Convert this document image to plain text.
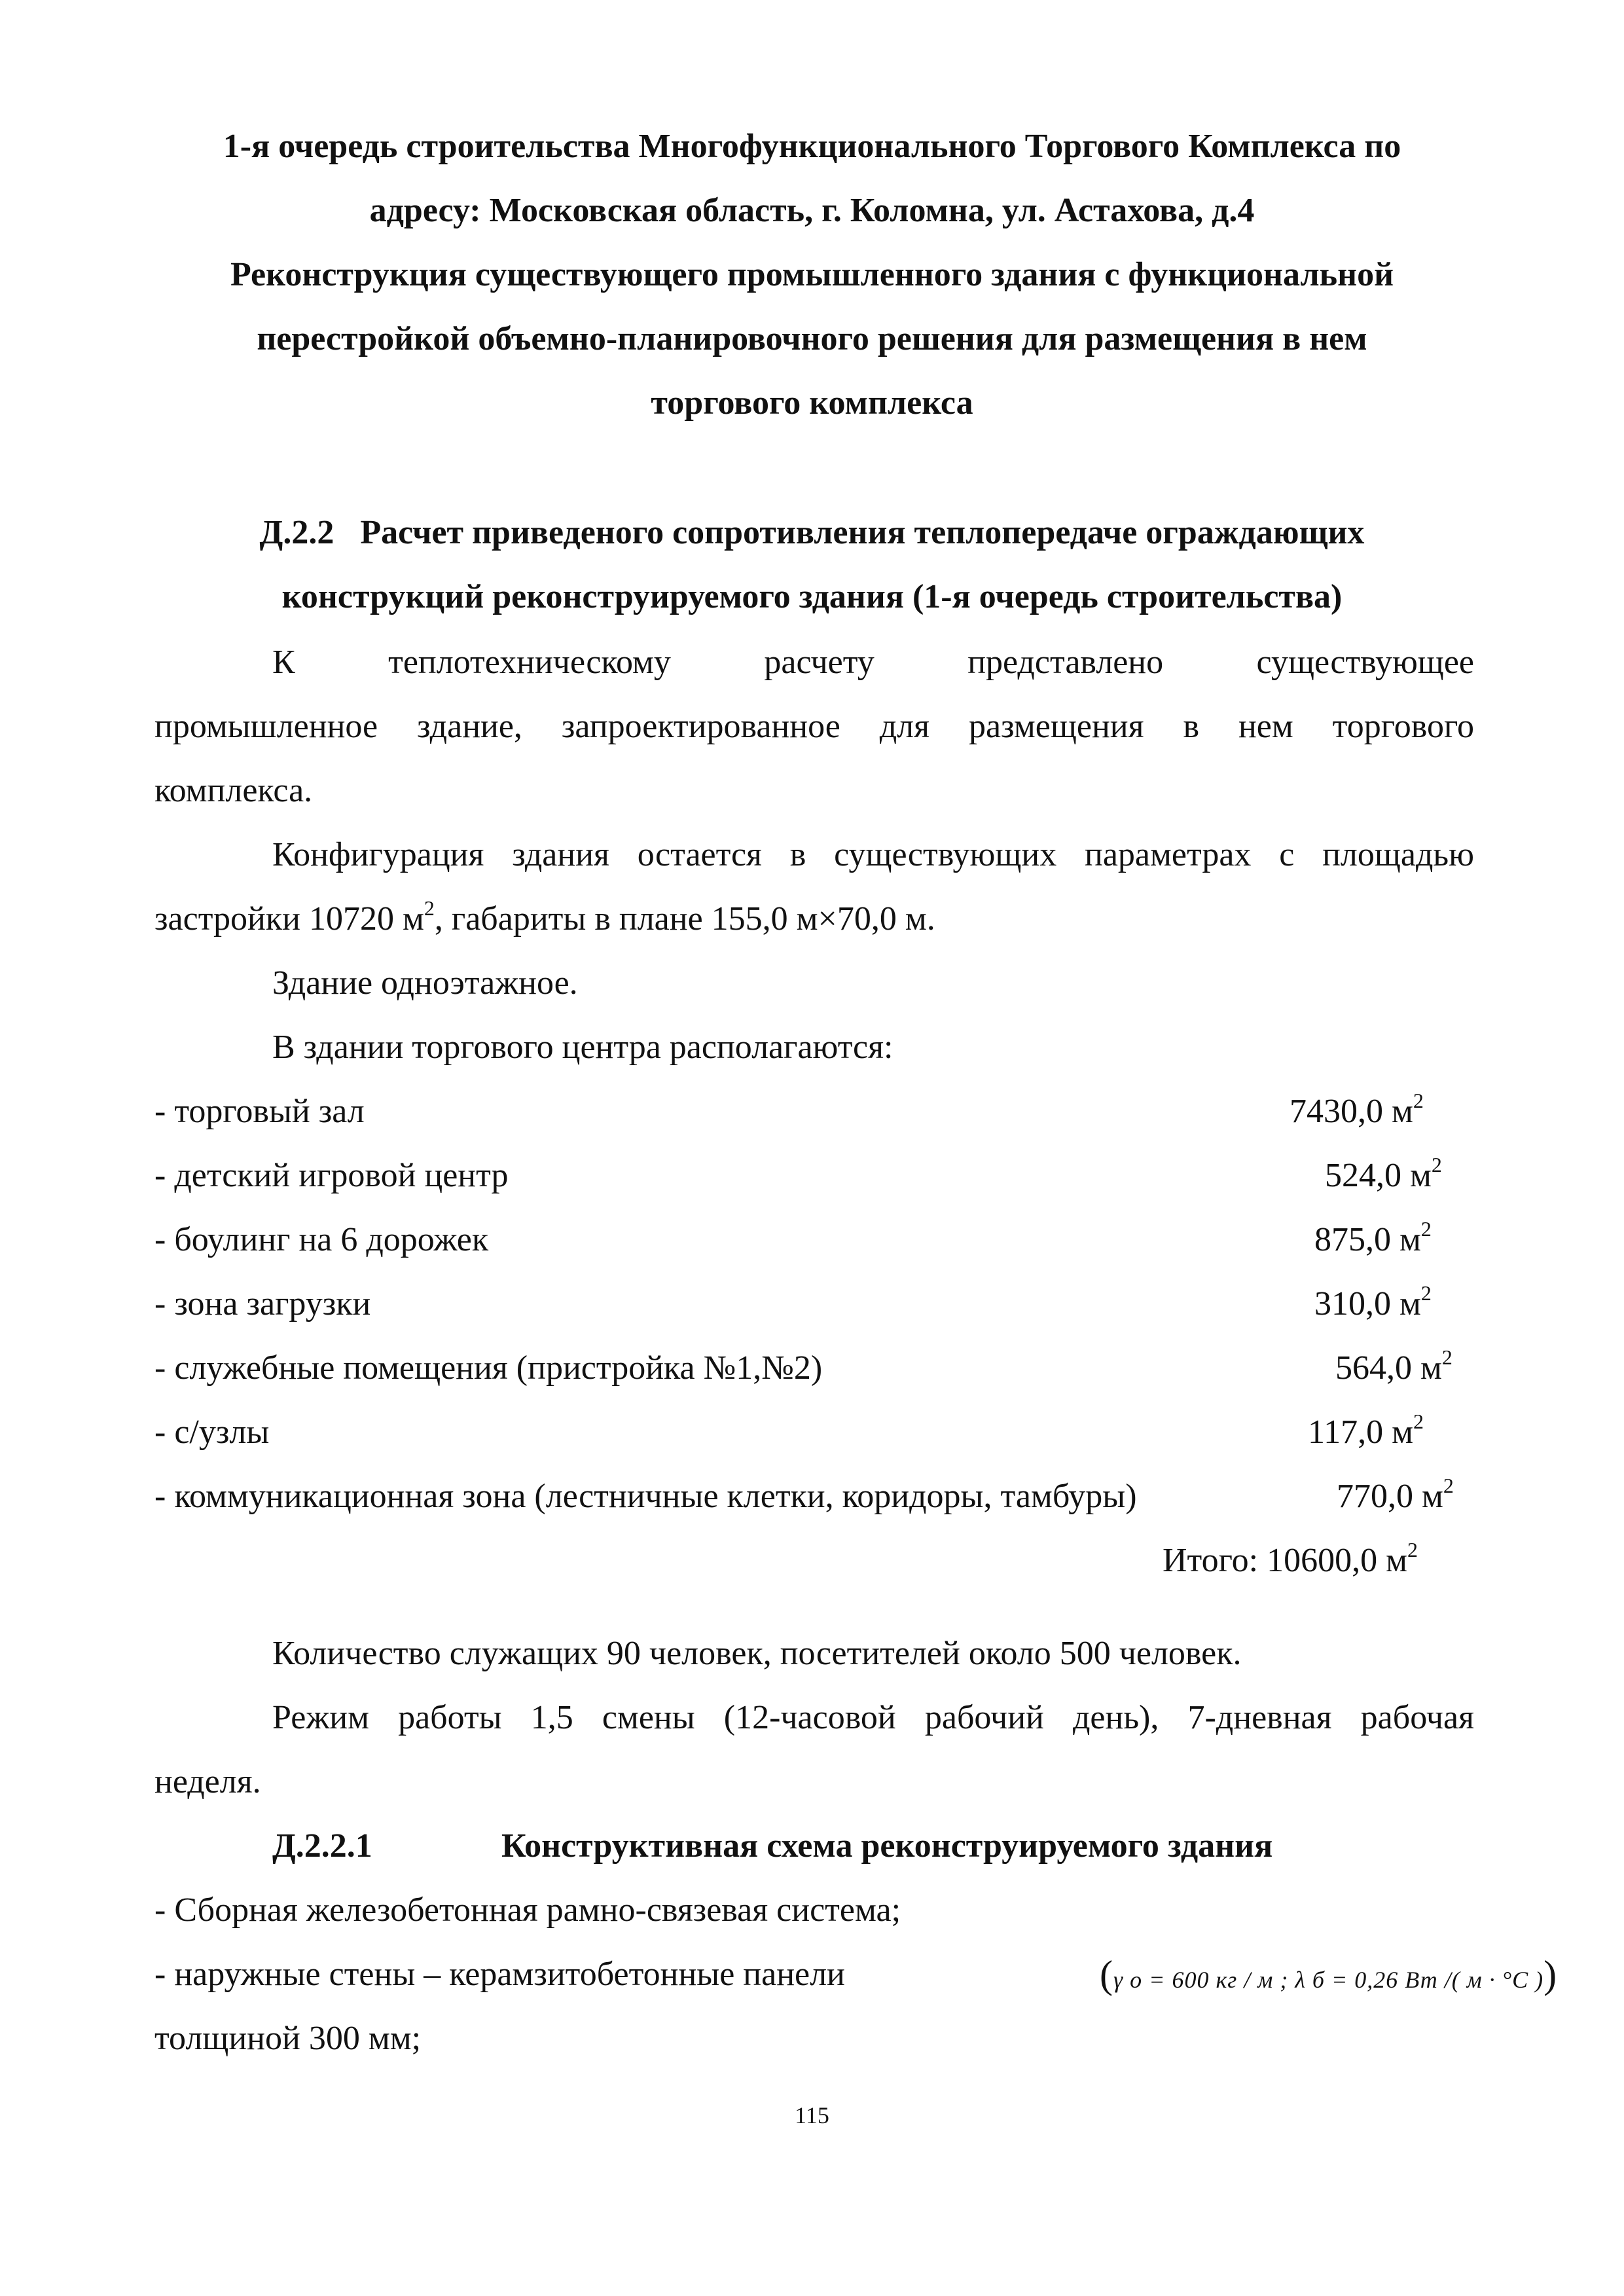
1-я очередь строительства Многофункционального Торгового Комплекса по
адресу: Московская область, г. Коломна, ул. Астахова, д.4
Реконструкция существующего промышленного здания с функциональной
перестройкой объемно-планировочного решения для размещения в нем
торгового комплекса
Д.2.2 Расчет приведеного сопротивления теплопередаче ограждающих
конструкций реконструируемого здания (1-я очередь строительства)

К теплотехническому расчету представлено существующее

промышленное здание, запроектированное для размещения в нем торгового

комплекса.

Конфигурация здания остается в существующих параметрах с площадью

застройки 10720 $м^2$, габариты в плане 155,0 м×70,0 м.

Здание одноэтажное.

В здании торгового центра располагаются:

- торговый зал	7430,0 $м^2$
- детский игровой центр	524,0 $м^2$
- боулинг на 6 дорожек	875,0 $м^2$
- зона загрузки	310,0 $м^2$
- служебные помещения (пристройка №1,№2)	564,0 $м^2$
- с/узлы	117,0 $м^2$
- коммуникационная зона (лестничные клетки, коридоры, тамбуры)	770,0 $м^2$
Итого: 10600,0 $м^2$

Количество служащих 90 человек, посетителей около 500 человек.

Режим работы 1,5 смены (12-часовой рабочий день), 7-дневная рабочая

неделя.

Д.2.2.1	Конструктивная схема реконструируемого здания

- Сборная железобетонная рамно-связевая система;

- наружные стены – керамзитобетонные панели	(γ о = 600 кг / м ; λ б = 0,26 Вт /( м · °С ))

толщиной 300 мм;

115
